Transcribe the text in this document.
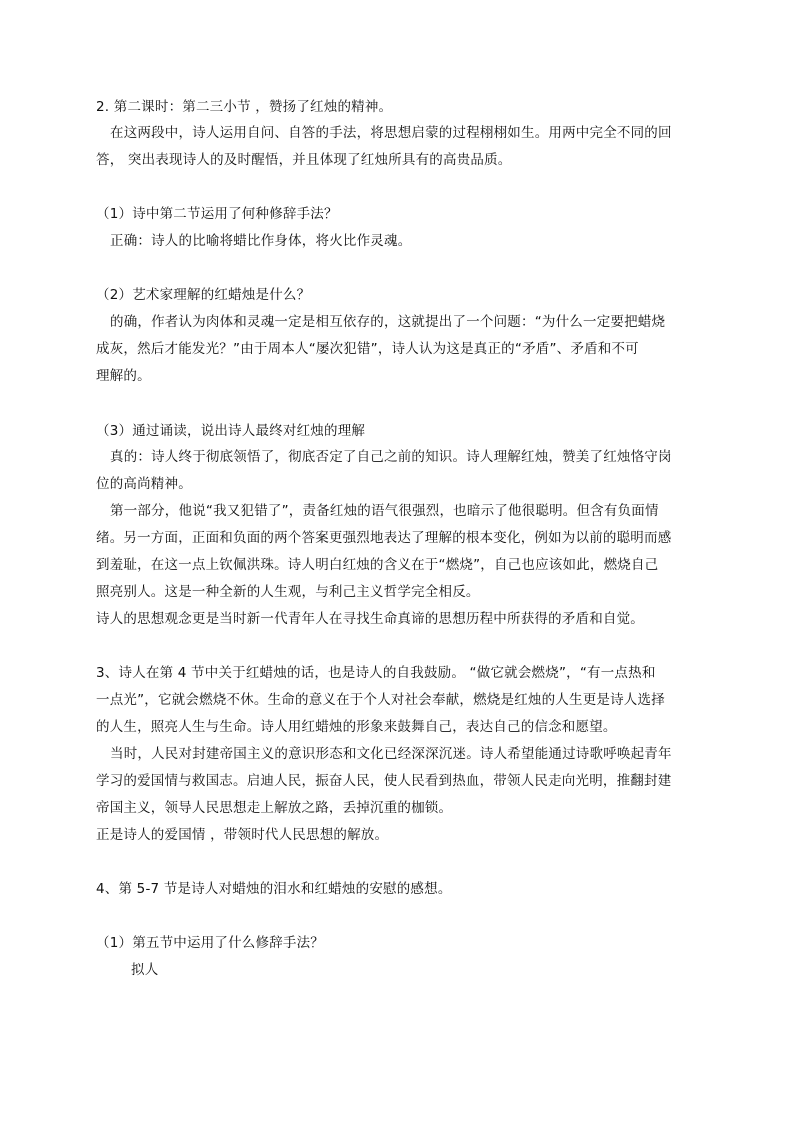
2. 第二课时：第二三小节 ，赞扬了红烛的精神。
在这两段中，诗人运用自问、自答的手法，将思想启蒙的过程栩栩如生。用两中完全不同的回
答， 突出表现诗人的及时醒悟，并且体现了红烛所具有的高贵品质。
（1）诗中第二节运用了何种修辞手法？
正确：诗人的比喻将蜡比作身体，将火比作灵魂。
（2）艺术家理解的红蜡烛是什么？
的确，作者认为肉体和灵魂一定是相互依存的，这就提出了一个问题：“为什么一定要把蜡烧
成灰，然后才能发光？”由于周本人“屡次犯错”，诗人认为这是真正的“矛盾”、矛盾和不可
理解的。
（3）通过诵读，说出诗人最终对红烛的理解
真的：诗人终于彻底领悟了，彻底否定了自己之前的知识。诗人理解红烛，赞美了红烛恪守岗
位的高尚精神。
第一部分，他说“我又犯错了”，责备红烛的语气很强烈，也暗示了他很聪明。但含有负面情
绪。另一方面，正面和负面的两个答案更强烈地表达了理解的根本变化，例如为以前的聪明而感
到羞耻，在这一点上钦佩洪珠。诗人明白红烛的含义在于“燃烧”，自己也应该如此，燃烧自己
照亮别人。这是一种全新的人生观，与利己主义哲学完全相反。
诗人的思想观念更是当时新一代青年人在寻找生命真谛的思想历程中所获得的矛盾和自觉。
3、诗人在第 4 节中关于红蜡烛的话，也是诗人的自我鼓励。 “做它就会燃烧”，“有一点热和
一点光”，它就会燃烧不休。生命的意义在于个人对社会奉献，燃烧是红烛的人生更是诗人选择
的人生，照亮人生与生命。诗人用红蜡烛的形象来鼓舞自己，表达自己的信念和愿望。
当时，人民对封建帝国主义的意识形态和文化已经深深沉迷。诗人希望能通过诗歌呼唤起青年
学习的爱国情与救国志。启迪人民，振奋人民，使人民看到热血，带领人民走向光明，推翻封建
帝国主义，领导人民思想走上解放之路，丢掉沉重的枷锁。
正是诗人的爱国情 ，带领时代人民思想的解放。
4、第 5-7 节是诗人对蜡烛的泪水和红蜡烛的安慰的感想。
（1）第五节中运用了什么修辞手法？
拟人
